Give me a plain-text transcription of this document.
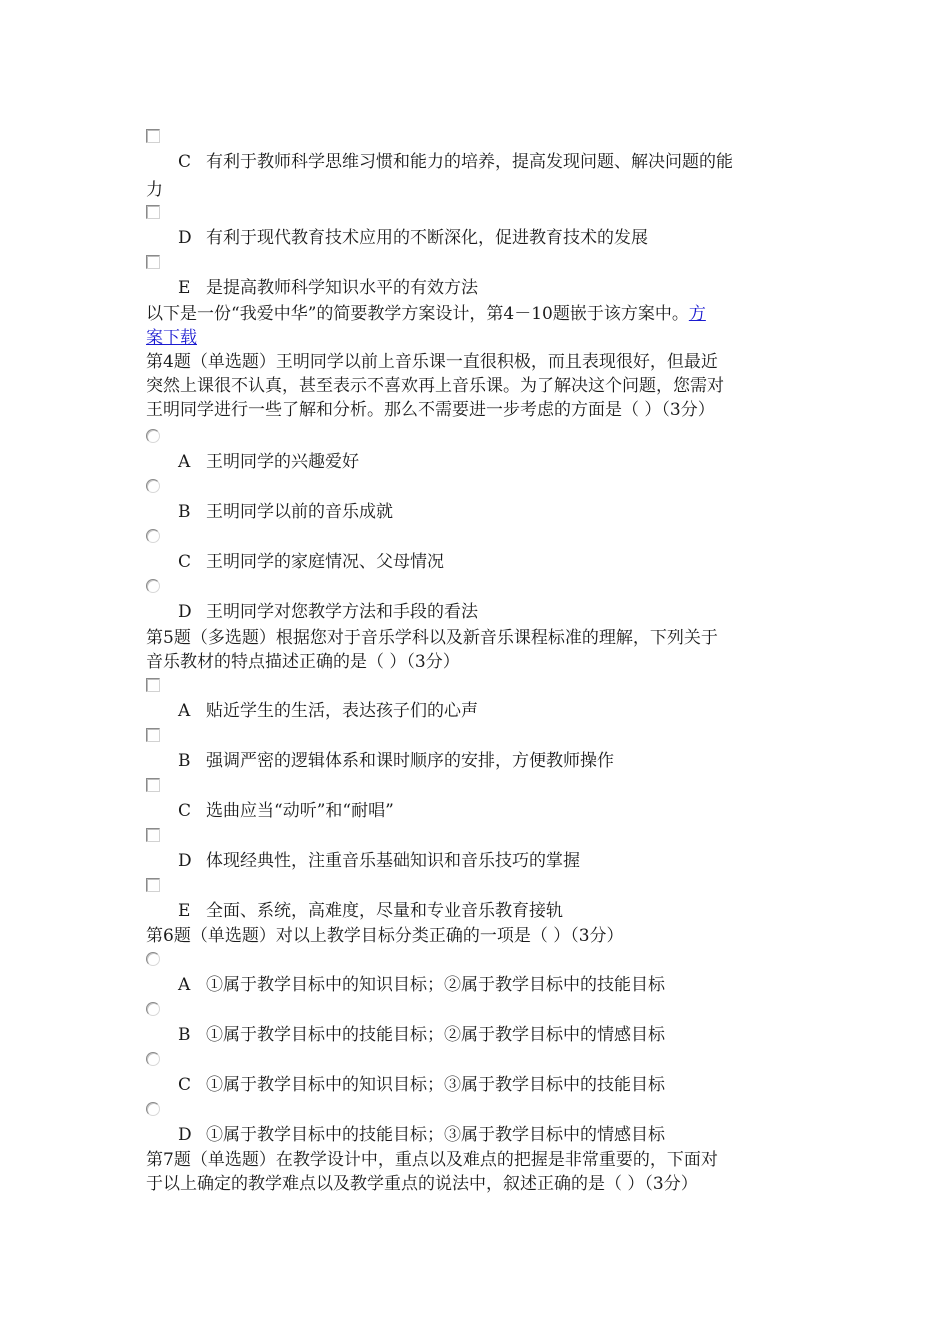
C 有利于教师科学思维习惯和能力的培养，提高发现问题、解决问题的能
力
D 有利于现代教育技术应用的不断深化，促进教育技术的发展
E 是提高教师科学知识水平的有效方法
以下是一份“我爱中华”的简要教学方案设计，第4－10题嵌于该方案中。方
案下载
第4题（单选题）王明同学以前上音乐课一直很积极，而且表现很好，但最近
突然上课很不认真，甚至表示不喜欢再上音乐课。为了解决这个问题，您需对
王明同学进行一些了解和分析。那么不需要进一步考虑的方面是（ ）（3分）
A 王明同学的兴趣爱好
B 王明同学以前的音乐成就
C 王明同学的家庭情况、父母情况
D 王明同学对您教学方法和手段的看法
第5题（多选题）根据您对于音乐学科以及新音乐课程标准的理解，下列关于
音乐教材的特点描述正确的是（ ）（3分）
A 贴近学生的生活，表达孩子们的心声
B 强调严密的逻辑体系和课时顺序的安排，方便教师操作
C 选曲应当“动听”和“耐唱”
D 体现经典性，注重音乐基础知识和音乐技巧的掌握
E 全面、系统，高难度，尽量和专业音乐教育接轨
第6题（单选题）对以上教学目标分类正确的一项是（ ）（3分）
A ①属于教学目标中的知识目标；②属于教学目标中的技能目标
B ①属于教学目标中的技能目标；②属于教学目标中的情感目标
C ①属于教学目标中的知识目标；③属于教学目标中的技能目标
D ①属于教学目标中的技能目标；③属于教学目标中的情感目标
第7题（单选题）在教学设计中，重点以及难点的把握是非常重要的，下面对
于以上确定的教学难点以及教学重点的说法中，叙述正确的是（ ）（3分）
